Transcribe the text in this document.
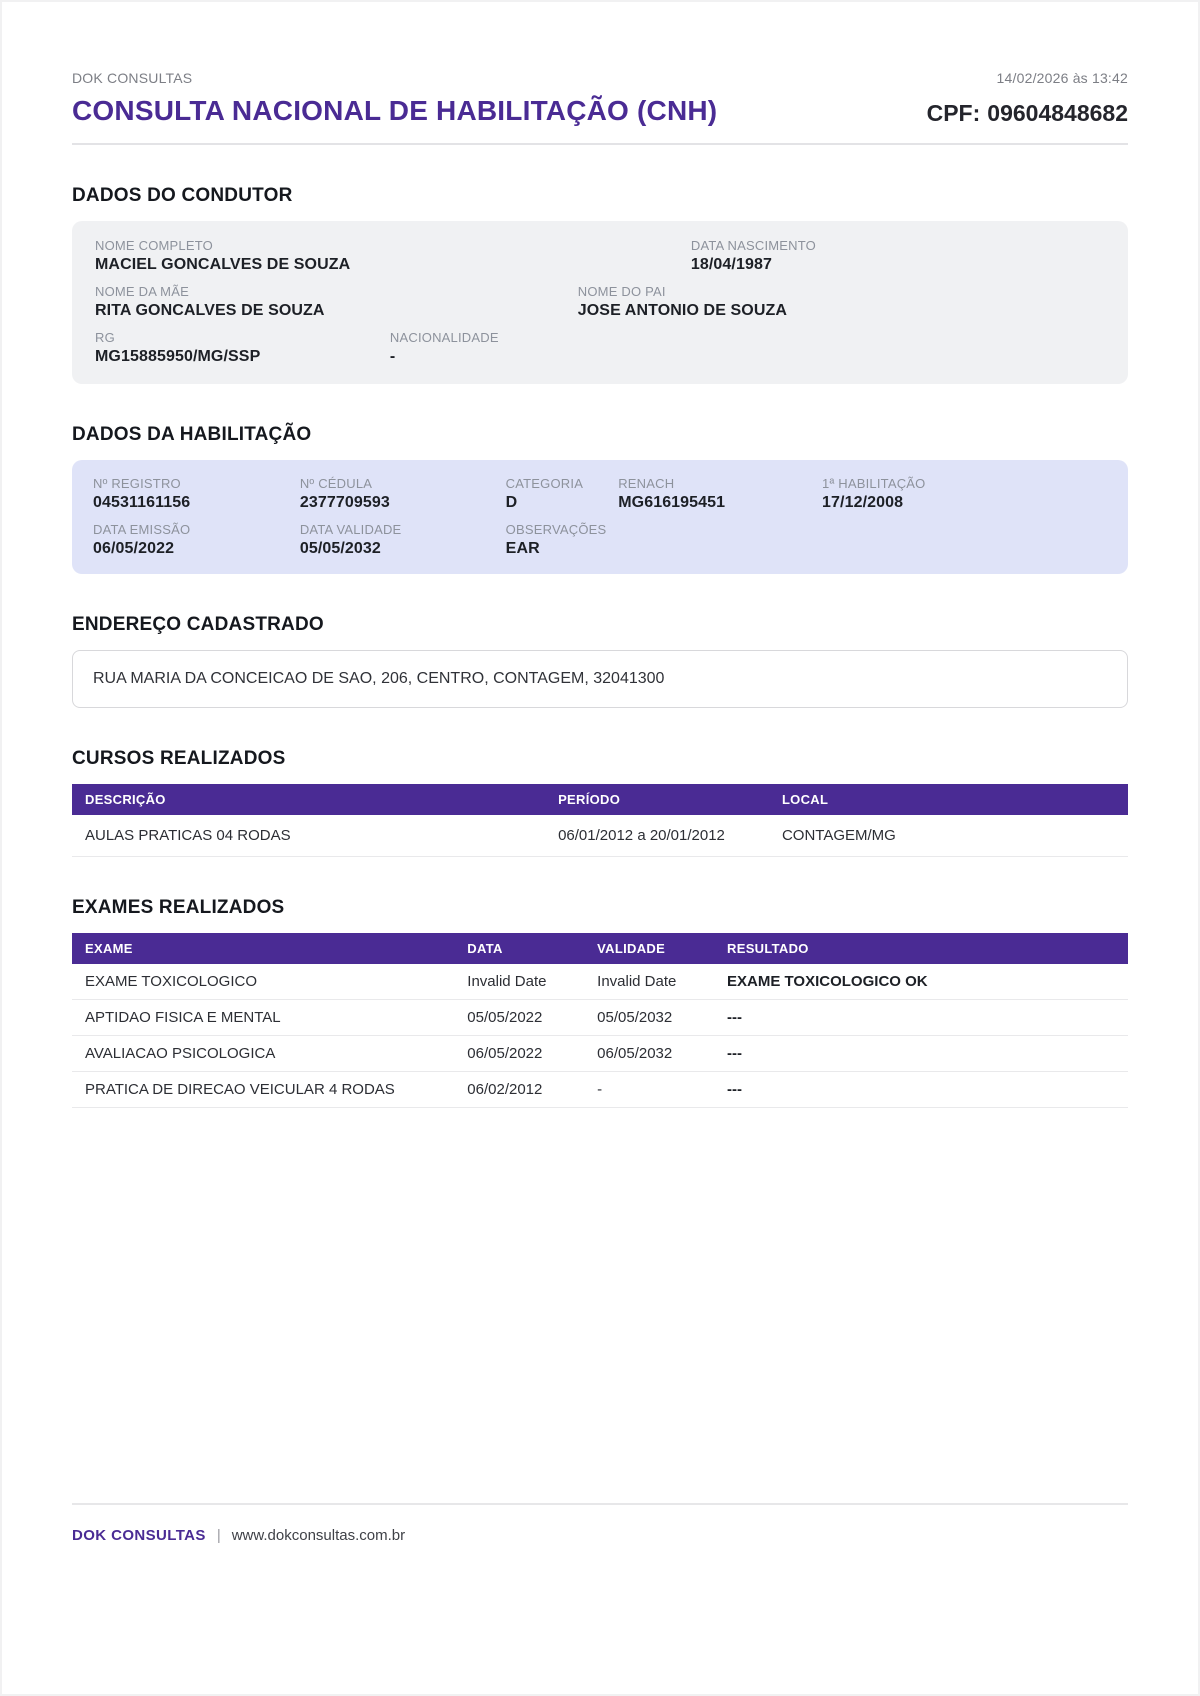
DOK CONSULTAS	14/02/2026 às 13:42
CONSULTA NACIONAL DE HABILITAÇÃO (CNH)	CPF: 09604848682
DADOS DO CONDUTOR
NOME COMPLETO
MACIEL GONCALVES DE SOUZA
DATA NASCIMENTO
18/04/1987
NOME DA MÃE
RITA GONCALVES DE SOUZA
NOME DO PAI
JOSE ANTONIO DE SOUZA
RG
MG15885950/MG/SSP
NACIONALIDADE
-
DADOS DA HABILITAÇÃO
Nº REGISTRO
04531161156
Nº CÉDULA
2377709593
CATEGORIA
D
RENACH
MG616195451
1ª HABILITAÇÃO
17/12/2008
DATA EMISSÃO
06/05/2022
DATA VALIDADE
05/05/2032
OBSERVAÇÕES
EAR
ENDEREÇO CADASTRADO
RUA MARIA DA CONCEICAO DE SAO, 206, CENTRO, CONTAGEM, 32041300
CURSOS REALIZADOS
DESCRIÇÃO	PERÍODO	LOCAL
AULAS PRATICAS 04 RODAS	06/01/2012 a 20/01/2012	CONTAGEM/MG
EXAMES REALIZADOS
EXAME	DATA	VALIDADE	RESULTADO
EXAME TOXICOLOGICO	Invalid Date	Invalid Date	EXAME TOXICOLOGICO OK
APTIDAO FISICA E MENTAL	05/05/2022	05/05/2032	---
AVALIACAO PSICOLOGICA	06/05/2022	06/05/2032	---
PRATICA DE DIRECAO VEICULAR 4 RODAS	06/02/2012	-	---
DOK CONSULTAS | www.dokconsultas.com.br
